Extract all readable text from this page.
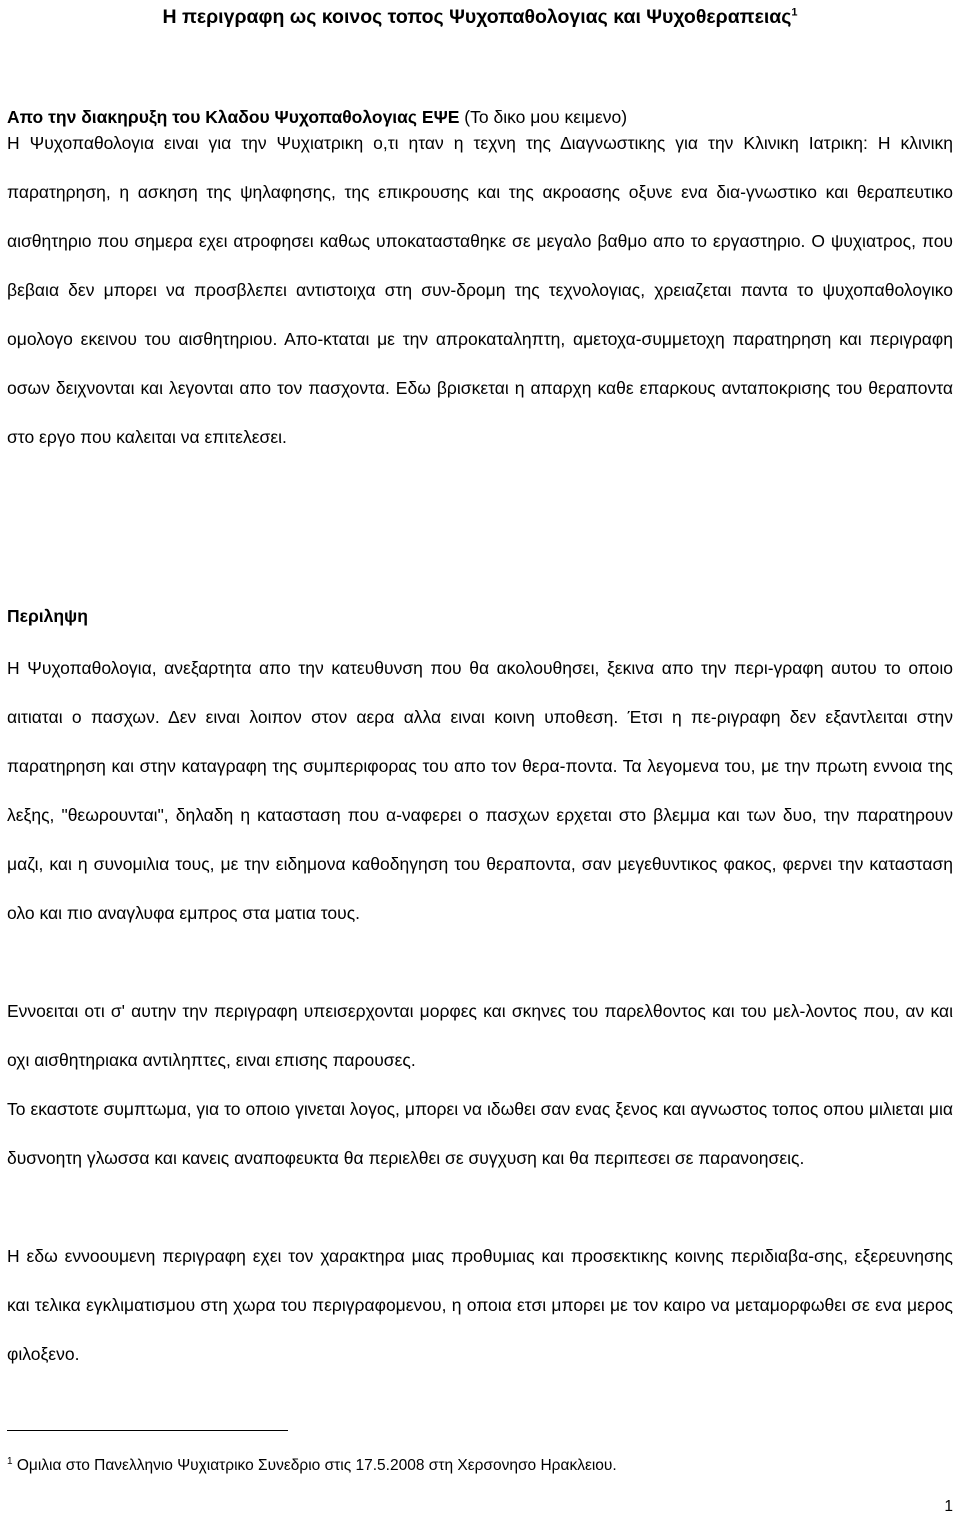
Η περιγραφη ως κοινος τοπος Ψυχοπαθολογιας και Ψυχοθεραπειας$^1$
Απο την διακηρυξη του Κλαδου Ψυχοπαθολογιας ΕΨΕ (Το δικο μου κειμενο)

Η Ψυχοπαθολογια ειναι για την Ψυχιατρικη ο,τι ηταν η τεχνη της Διαγνωστικης για την Κλινικη Ιατρικη: Η κλινικη παρατηρηση, η ασκηση της ψηλαφησης, της επικρουσης και της ακροασης οξυνε ενα δια-γνωστικο και θεραπευτικο αισθητηριο που σημερα εχει ατροφησει καθως υποκατασταθηκε σε μεγαλο βαθμο απο το εργαστηριο. Ο ψυχιατρος, που βεβαια δεν μπορει να προσβλεπει αντιστοιχα στη συν-δρομη της τεχνολογιας, χρειαζεται παντα το ψυχοπαθολογικο ομολογο εκεινου του αισθητηριου. Απο-κταται με την απροκαταληπτη, αμετοχα-συμμετοχη παρατηρηση και περιγραφη οσων δειχνονται και λεγονται απο τον πασχοντα. Εδω βρισκεται η απαρχη καθε επαρκους ανταποκρισης του θεραποντα στο εργο που καλειται να επιτελεσει.

Περιληψη

Η Ψυχοπαθολογια, ανεξαρτητα απο την κατευθυνση που θα ακολουθησει, ξεκινα απο την περι-γραφη αυτου το οποιο αιτιαται ο πασχων. Δεν ειναι λοιπον στον αερα αλλα ειναι κοινη υποθεση. Έτσι η πε-ριγραφη δεν εξαντλειται στην παρατηρηση και στην καταγραφη της συμπεριφορας του απο τον θερα-ποντα. Τα λεγομενα του, με την πρωτη εννοια της λεξης, "θεωρουνται", δηλαδη η κατασταση που α-ναφερει ο πασχων ερχεται στο βλεμμα και των δυο, την παρατηρουν μαζι, και η συνομιλια τους, με την ειδημονα καθοδηγηση του θεραποντα, σαν μεγεθυντικος φακος, φερνει την κατασταση ολο και πιο αναγλυφα εμπρος στα ματια τους.

Εννοειται οτι σ' αυτην την περιγραφη υπεισερχονται μορφες και σκηνες του παρελθοντος και του μελ-λοντος που, αν και οχι αισθητηριακα αντιληπτες, ειναι επισης παρουσες.

Το εκαστοτε συμπτωμα, για το οποιο γινεται λογος, μπορει να ιδωθει σαν ενας ξενος και αγνωστος τοπος οπου μιλιεται μια δυσνοητη γλωσσα και κανεις αναποφευκτα θα περιελθει σε συγχυση και θα περιπεσει σε παρανοησεις.

Η εδω εννοουμενη περιγραφη εχει τον χαρακτηρα μιας προθυμιας και προσεκτικης κοινης περιδιαβα-σης, εξερευνησης και τελικα εγκλιματισμου στη χωρα του περιγραφομενου, η οποια ετσι μπορει με τον καιρο να μεταμορφωθει σε ενα μερος φιλοξενο.

$^1$ Ομιλια στο Πανελληνιο Ψυχιατρικο Συνεδριο στις 17.5.2008 στη Χερσονησο Ηρακλειου.

1
